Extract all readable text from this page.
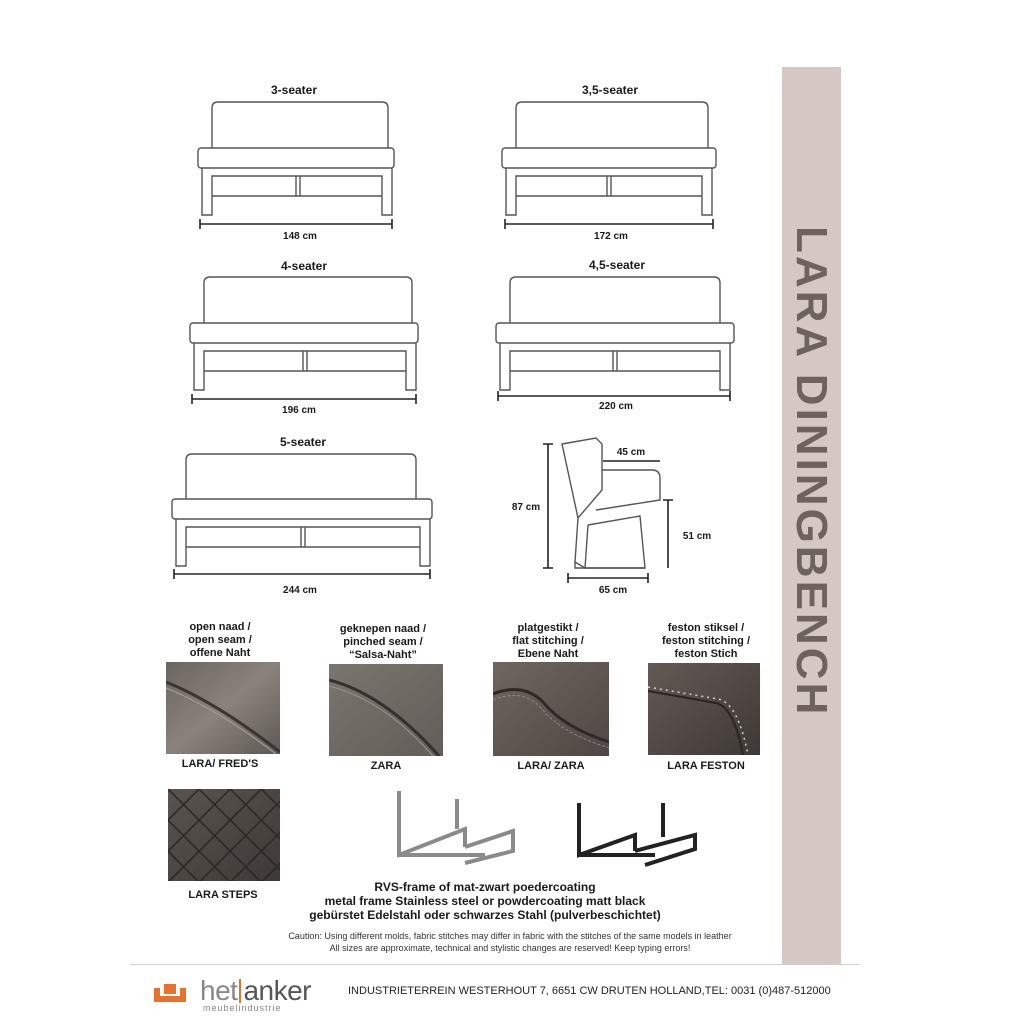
LARA DININGBENCH
3-seater
148 cm
3,5-seater
172 cm
4-seater
196 cm
4,5-seater
220 cm
5-seater
244 cm
87 cm
45 cm
51 cm
65 cm
open naad /
open seam /
offene Naht
geknepen naad /
pinched seam /
“Salsa-Naht”
platgestikt /
flat stitching /
Ebene Naht
feston stiksel /
feston stitching /
feston Stich
LARA/ FRED'S	ZARA	LARA/ ZARA	LARA FESTON
LARA STEPS
RVS-frame of mat-zwart poedercoating
metal frame Stainless steel or powdercoating matt black
gebürstet Edelstahl oder schwarzes Stahl (pulverbeschichtet)
Caution: Using different molds, fabric stitches may differ in fabric with the stitches of the same models in leather
All sizes are approximate, technical and stylistic changes are reserved! Keep typing errors!
het anker
meubelindustrie
INDUSTRIETERREIN WESTERHOUT 7, 6651 CW DRUTEN HOLLAND,TEL: 0031 (0)487-512000
